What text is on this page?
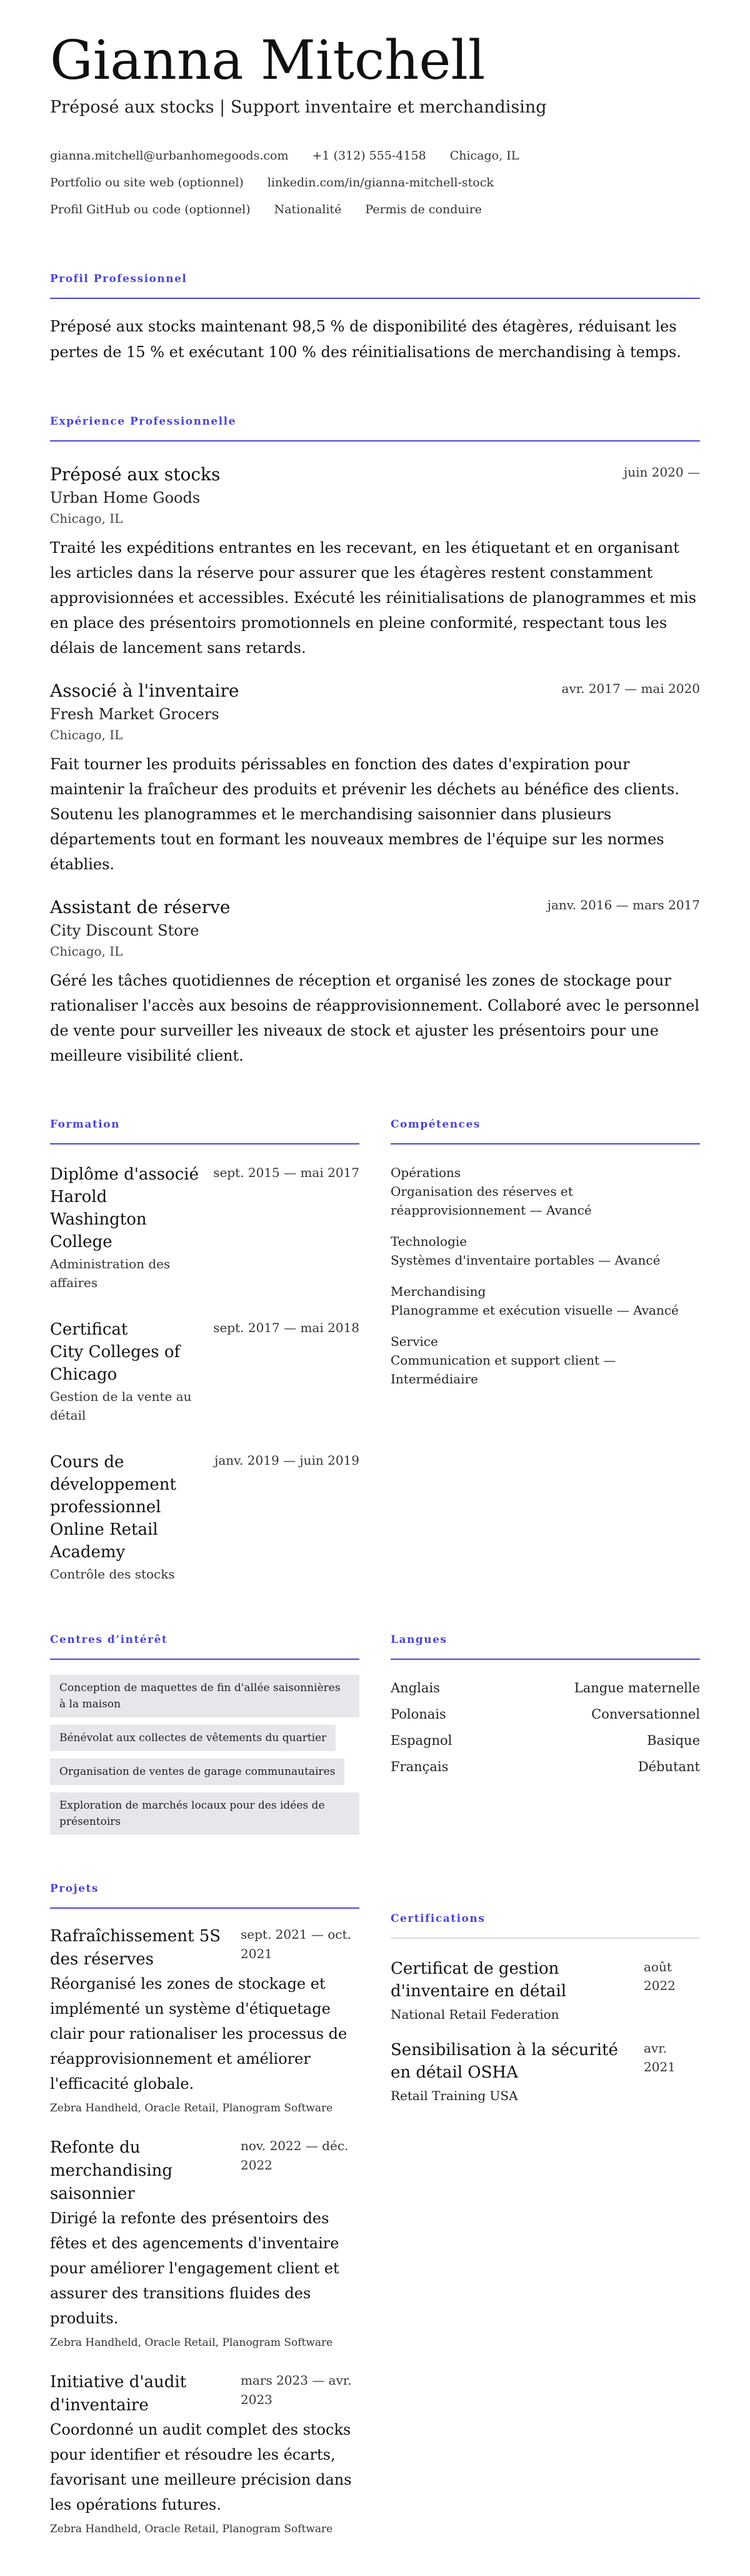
Gianna Mitchell
Préposé aux stocks | Support inventaire et merchandising
gianna.mitchell@urbanhomegoods.com +1 (312) 555-4158 Chicago, IL
Portfolio ou site web (optionnel) linkedin.com/in/gianna-mitchell-stock
Profil GitHub ou code (optionnel) Nationalité Permis de conduire
Profil Professionnel

Préposé aux stocks maintenant 98,5 % de disponibilité des étagères, réduisant les pertes de 15 % et exécutant 100 % des réinitialisations de merchandising à temps.

Expérience Professionnelle
Préposé aux stocks	juin 2020 —
Urban Home Goods
Chicago, IL

Traité les expéditions entrantes en les recevant, en les étiquetant et en organisant les articles dans la réserve pour assurer que les étagères restent constamment approvisionnées et accessibles. Exécuté les réinitialisations de planogrammes et mis en place des présentoirs promotionnels en pleine conformité, respectant tous les délais de lancement sans retards.

Associé à l'inventaire	avr. 2017 — mai 2020
Fresh Market Grocers
Chicago, IL

Fait tourner les produits périssables en fonction des dates d'expiration pour maintenir la fraîcheur des produits et prévenir les déchets au bénéfice des clients. Soutenu les planogrammes et le merchandising saisonnier dans plusieurs départements tout en formant les nouveaux membres de l'équipe sur les normes établies.

Assistant de réserve	janv. 2016 — mars 2017
City Discount Store
Chicago, IL

Géré les tâches quotidiennes de réception et organisé les zones de stockage pour rationaliser l'accès aux besoins de réapprovisionnement. Collaboré avec le personnel de vente pour surveiller les niveaux de stock et ajuster les présentoirs pour une meilleure visibilité client.

Formation
Diplôme d'associé
Harold Washington College
Administration des affaires
sept. 2015 — mai 2017
Certificat
City Colleges of Chicago
Gestion de la vente au détail
sept. 2017 — mai 2018
Cours de développement professionnel
Online Retail Academy
Contrôle des stocks
janv. 2019 — juin 2019
Compétences
Opérations
Organisation des réserves et réapprovisionnement — Avancé
Technologie
Systèmes d'inventaire portables — Avancé
Merchandising
Planogramme et exécution visuelle — Avancé
Service
Communication et support client — Intermédiaire
Centres d’intérêt
Conception de maquettes de fin d'allée saisonnières à la maison
Bénévolat aux collectes de vêtements du quartier
Organisation de ventes de garage communautaires
Exploration de marchés locaux pour des idées de présentoirs
Langues
Anglais	Langue maternelle
Polonais	Conversationnel
Espagnol	Basique
Français	Débutant
Projets
Rafraîchissement 5S des réserves
sept. 2021 — oct. 2021

Réorganisé les zones de stockage et implémenté un système d'étiquetage clair pour rationaliser les processus de réapprovisionnement et améliorer l'efficacité globale.

Zebra Handheld, Oracle Retail, Planogram Software
Refonte du merchandising saisonnier
nov. 2022 — déc. 2022

Dirigé la refonte des présentoirs des fêtes et des agencements d'inventaire pour améliorer l'engagement client et assurer des transitions fluides des produits.

Zebra Handheld, Oracle Retail, Planogram Software
Initiative d'audit d'inventaire
mars 2023 — avr. 2023

Coordonné un audit complet des stocks pour identifier et résoudre les écarts, favorisant une meilleure précision dans les opérations futures.

Zebra Handheld, Oracle Retail, Planogram Software
Certifications
Certificat de gestion d'inventaire en détail
National Retail Federation
août 2022
Sensibilisation à la sécurité en détail OSHA
Retail Training USA
avr. 2021
